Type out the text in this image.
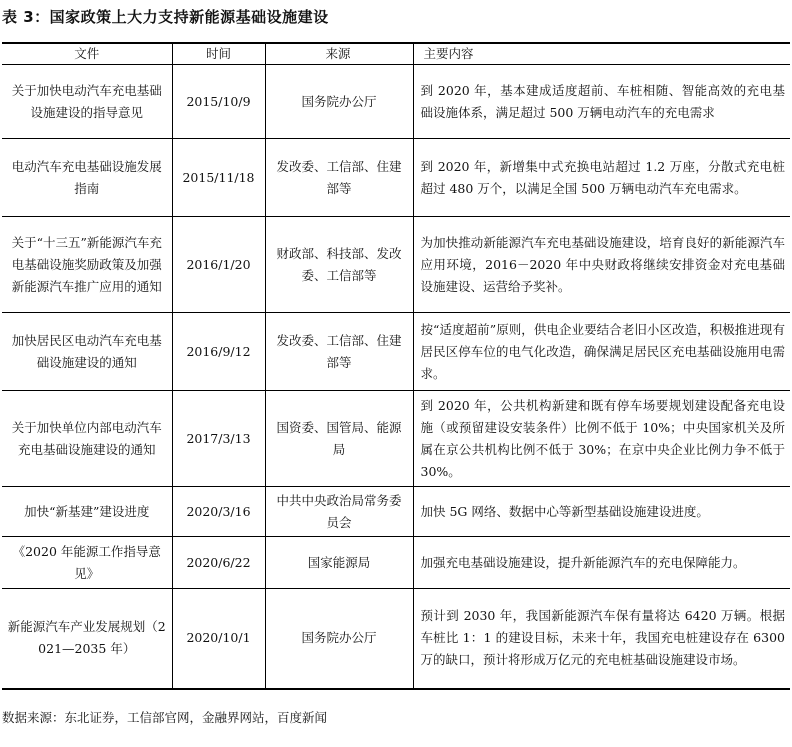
表 3：国家政策上大力支持新能源基础设施建设
文件	时间	来源	主要内容
关于加快电动汽车充电基础设施建设的指导意见	2015/10/9	国务院办公厅	到 2020 年，基本建成适度超前、车桩相随、智能高效的充电基础设施体系，满足超过 500 万辆电动汽车的充电需求
电动汽车充电基础设施发展指南	2015/11/18	发改委、工信部、住建部等	到 2020 年，新增集中式充换电站超过 1.2 万座，分散式充电桩超过 480 万个，以满足全国 500 万辆电动汽车充电需求。
关于“十三五”新能源汽车充电基础设施奖励政策及加强新能源汽车推广应用的通知	2016/1/20	财政部、科技部、发改委、工信部等	为加快推动新能源汽车充电基础设施建设，培育良好的新能源汽车应用环境，2016－2020 年中央财政将继续安排资金对充电基础设施建设、运营给予奖补。
加快居民区电动汽车充电基础设施建设的通知	2016/9/12	发改委、工信部、住建部等	按“适度超前”原则，供电企业要结合老旧小区改造，积极推进现有居民区停车位的电气化改造，确保满足居民区充电基础设施用电需求。
关于加快单位内部电动汽车充电基础设施建设的通知	2017/3/13	国资委、国管局、能源局	到 2020 年，公共机构新建和既有停车场要规划建设配备充电设施（或预留建设安装条件）比例不低于 10%；中央国家机关及所属在京公共机构比例不低于 30%；在京中央企业比例力争不低于 30%。
加快“新基建”建设进度	2020/3/16	中共中央政治局常务委员会	加快 5G 网络、数据中心等新型基础设施建设进度。
《2020 年能源工作指导意见》	2020/6/22	国家能源局	加强充电基础设施建设，提升新能源汽车的充电保障能力。
新能源汽车产业发展规划（2021—2035 年）	2020/10/1	国务院办公厅	预计到 2030 年，我国新能源汽车保有量将达 6420 万辆。根据车桩比 1：1 的建设目标，未来十年，我国充电桩建设存在 6300 万的缺口，预计将形成万亿元的充电桩基础设施建设市场。
数据来源：东北证券，工信部官网，金融界网站，百度新闻
